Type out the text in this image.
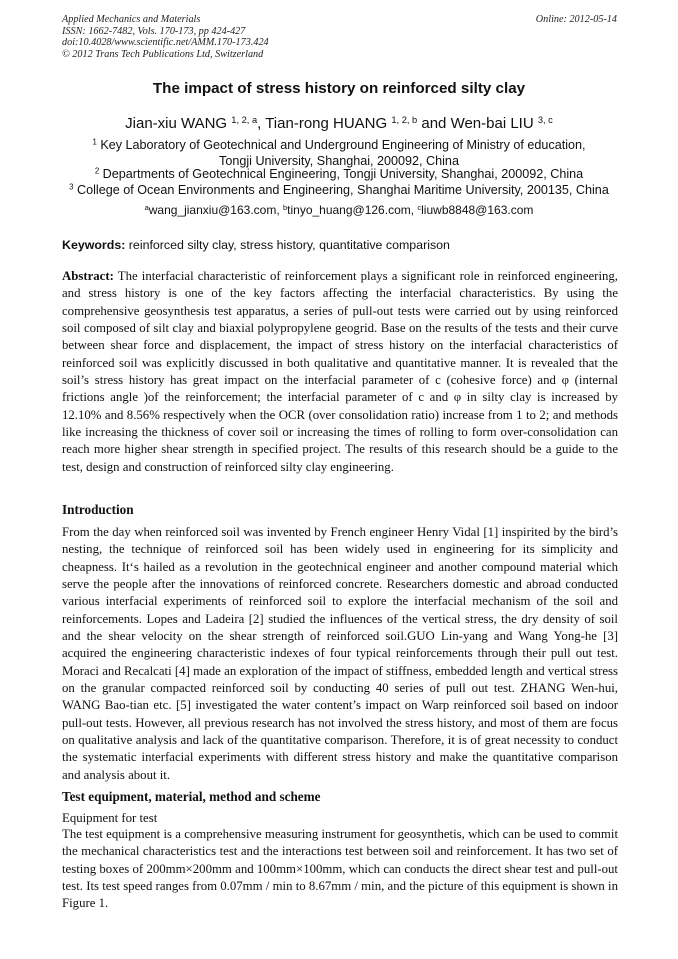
Applied Mechanics and Materials
ISSN: 1662-7482, Vols. 170-173, pp 424-427
doi:10.4028/www.scientific.net/AMM.170-173.424
© 2012 Trans Tech Publications Ltd, Switzerland
Online: 2012-05-14
The impact of stress history on reinforced silty clay
Jian-xiu WANG $^{1, 2, a}$, Tian-rong HUANG $^{1, 2, b}$ and Wen-bai LIU $^{3, c}$
$^1$ Key Laboratory of Geotechnical and Underground Engineering of Ministry of education,
Tongji University, Shanghai, 200092, China
$^2$ Departments of Geotechnical Engineering, Tongji University, Shanghai, 200092, China
$^3$ College of Ocean Environments and Engineering, Shanghai Maritime University, 200135, China
$^a$wang_jianxiu@163.com, $^b$tinyo_huang@126.com, $^c$liuwb8848@163.com
Keywords: reinforced silty clay, stress history, quantitative comparison
Abstract: The interfacial characteristic of reinforcement plays a significant role in reinforced engineering, and stress history is one of the key factors affecting the interfacial characteristics. By using the comprehensive geosynthesis test apparatus, a series of pull-out tests were carried out by using reinforced soil composed of silt clay and biaxial polypropylene geogrid. Base on the results of the tests and their curve between shear force and displacement, the impact of stress history on the interfacial characteristics of reinforced soil was explicitly discussed in both qualitative and quantitative manner. It is revealed that the soil’s stress history has great impact on the interfacial parameter of c (cohesive force) and φ (internal frictions angle )of the reinforcement; the interfacial parameter of c and φ in silty clay is increased by 12.10% and 8.56% respectively when the OCR (over consolidation ratio) increase from 1 to 2; and methods like increasing the thickness of cover soil or increasing the times of rolling to form over-consolidation can reach more higher shear strength in specified project. The results of this research should be a guide to the test, design and construction of reinforced silty clay engineering.
Introduction
From the day when reinforced soil was invented by French engineer Henry Vidal [1] inspirited by the bird’s nesting, the technique of reinforced soil has been widely used in engineering for its simplicity and cheapness. It‘s hailed as a revolution in the geotechnical engineer and another compound material which serve the people after the innovations of reinforced concrete. Researchers domestic and abroad conducted various interfacial experiments of reinforced soil to explore the interfacial mechanism of the soil and reinforcements. Lopes and Ladeira [2] studied the influences of the vertical stress, the dry density of soil and the shear velocity on the shear strength of reinforced soil.GUO Lin-yang and Wang Yong-he [3] acquired the engineering characteristic indexes of four typical reinforcements through their pull out test. Moraci and Recalcati [4] made an exploration of the impact of stiffness, embedded length and vertical stress on the granular compacted reinforced soil by conducting 40 series of pull out test. ZHANG Wen-hui, WANG Bao-tian etc. [5] investigated the water content’s impact on Warp reinforced soil based on indoor pull-out tests. However, all previous research has not involved the stress history, and most of them are focus on qualitative analysis and lack of the quantitative comparison. Therefore, it is of great necessity to conduct the systematic interfacial experiments with different stress history and make the quantitative comparison and analysis about it.
Test equipment, material, method and scheme
Equipment for test
The test equipment is a comprehensive measuring instrument for geosynthetis, which can be used to commit the mechanical characteristics test and the interactions test between soil and reinforcement. It has two set of testing boxes of 200mm×200mm and 100mm×100mm, which can conducts the direct shear test and pull-out test. Its test speed ranges from 0.07mm / min to 8.67mm / min, and the picture of this equipment is shown in Figure 1.
